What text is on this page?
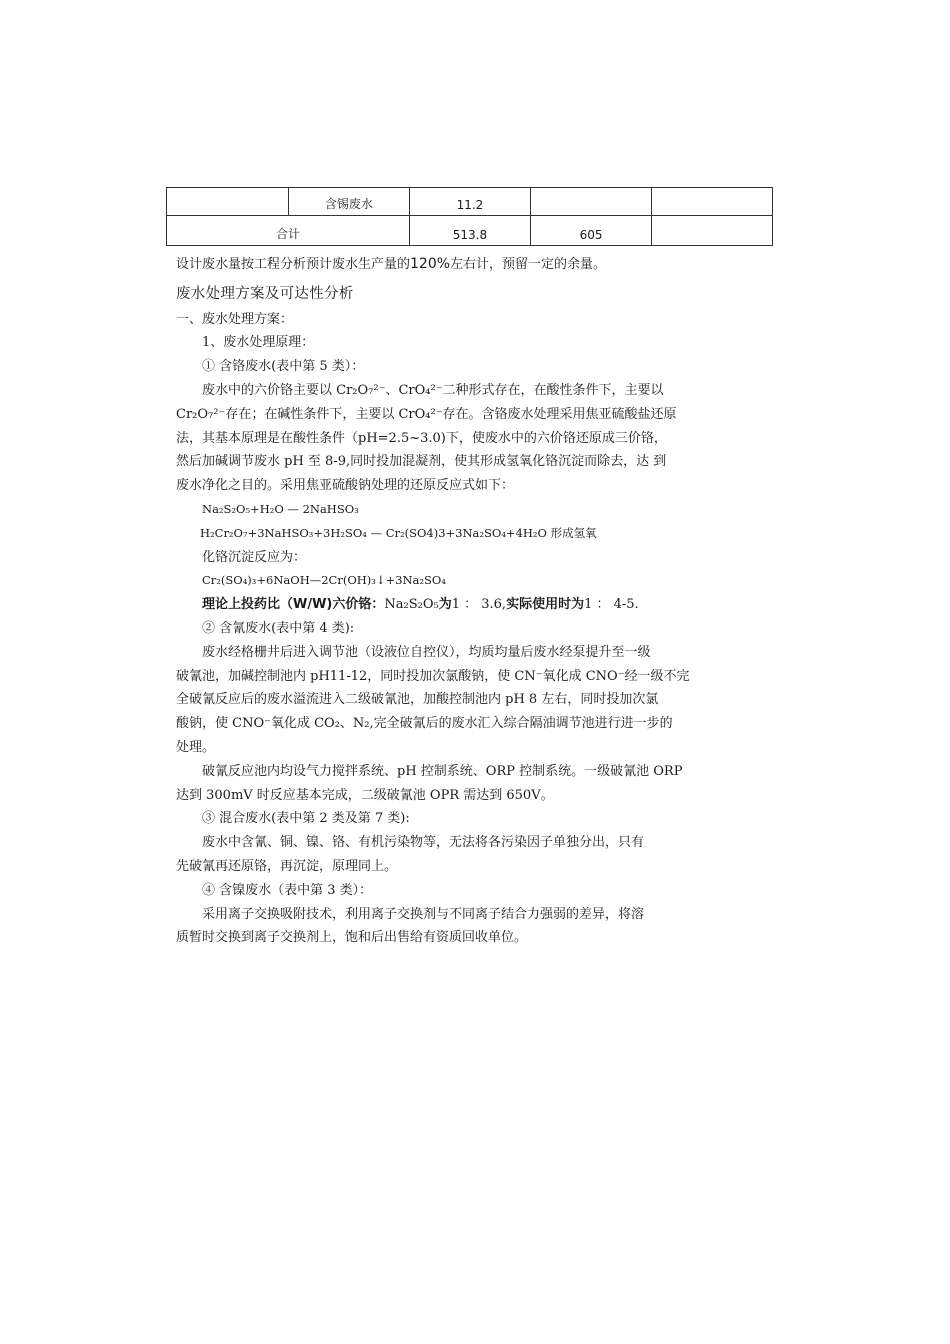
	含锡废水	11.2		
合计		513.8	605	

设计废水量按工程分析预计废水生产量的120%左右计，预留一定的余量。

废水处理方案及可达性分析

一、废水处理方案：

1、废水处理原理：

① 含铬废水(表中第 5 类）：

废水中的六价铬主要以 Cr₂O₇²⁻、CrO₄²⁻二种形式存在，在酸性条件下，主要以

Cr₂O₇²⁻存在；在碱性条件下，主要以 CrO₄²⁻存在。含铬废水处理采用焦亚硫酸盐还原

法，其基本原理是在酸性条件（pH=2.5~3.0)下，使废水中的六价铬还原成三价铬，

然后加碱调节废水 pH 至 8-9,同时投加混凝剂，使其形成氢氧化铬沉淀而除去，达 到

废水净化之目的。采用焦亚硫酸钠处理的还原反应式如下：

Na₂S₂O₅+H₂O — 2NaHSO₃

H₂Cr₂O₇+3NaHSO₃+3H₂SO₄ — Cr₂(SO4)3+3Na₂SO₄+4H₂O 形成氢氧

化铬沉淀反应为：

Cr₂(SO₄)₃+6NaOH—2Cr(OH)₃↓+3Na₂SO₄

理论上投药比（W/W)六价铬：Na₂S₂O₅为1 ： 3.6,实际使用时为1 ： 4-5.

② 含氰废水(表中第 4 类):

废水经格栅井后进入调节池（设液位自控仪），均质均量后废水经泵提升至一级

破氰池，加碱控制池内 pH11-12，同时投加次氯酸钠，使 CN⁻氧化成 CNO⁻经一级不完

全破氰反应后的废水溢流进入二级破氰池，加酸控制池内 pH 8 左右，同时投加次氯

酸钠，使 CNO⁻氧化成 CO₂、N₂,完全破氰后的废水汇入综合隔油调节池进行进一步的

处理。

破氰反应池内均设气力搅拌系统、pH 控制系统、ORP 控制系统。一级破氰池 ORP

达到 300mV 时反应基本完成，二级破氰池 OPR 需达到 650V。

③ 混合废水(表中第 2 类及第 7 类):

废水中含氰、铜、镍、铬、有机污染物等，无法将各污染因子单独分出，只有

先破氰再还原铬，再沉淀，原理同上。

④ 含镍废水（表中第 3 类）：

采用离子交换吸附技术，利用离子交换剂与不同离子结合力强弱的差异，将溶

质暂时交换到离子交换剂上，饱和后出售给有资质回收单位。
